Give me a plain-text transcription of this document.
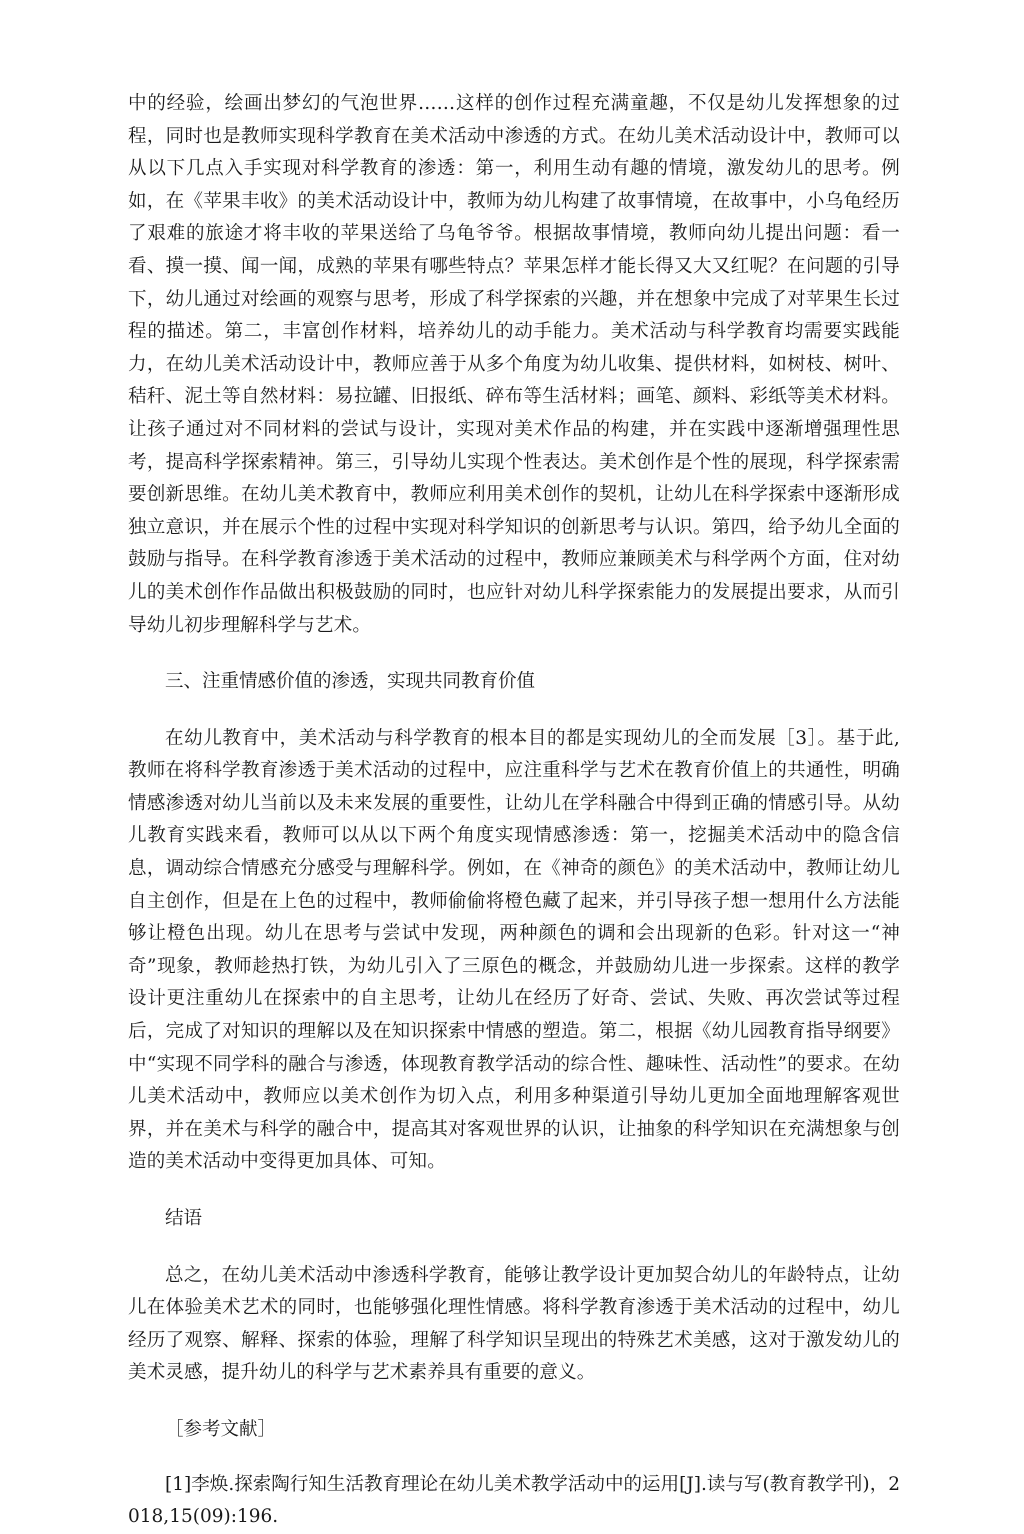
中的经验，绘画出梦幻的气泡世界……这样的创作过程充满童趣，不仅是幼儿发挥想象的过程，同时也是教师实现科学教育在美术活动中渗透的方式。在幼儿美术活动设计中，教师可以从以下几点入手实现对科学教育的渗透：第一，利用生动有趣的情境，激发幼儿的思考。例如，在《苹果丰收》的美术活动设计中，教师为幼儿构建了故事情境，在故事中，小乌龟经历了艰难的旅途才将丰收的苹果送给了乌龟爷爷。根据故事情境，教师向幼儿提出问题：看一看、摸一摸、闻一闻，成熟的苹果有哪些特点？苹果怎样才能长得又大又红呢？在问题的引导下，幼儿通过对绘画的观察与思考，形成了科学探索的兴趣，并在想象中完成了对苹果生长过程的描述。第二，丰富创作材料，培养幼儿的动手能力。美术活动与科学教育均需要实践能力，在幼儿美术活动设计中，教师应善于从多个角度为幼儿收集、提供材料，如树枝、树叶、秸秆、泥土等自然材料：易拉罐、旧报纸、碎布等生活材料；画笔、颜料、彩纸等美术材料。让孩子通过对不同材料的尝试与设计，实现对美术作品的构建，并在实践中逐渐增强理性思考，提高科学探索精神。第三，引导幼儿实现个性表达。美术创作是个性的展现，科学探索需要创新思维。在幼儿美术教育中，教师应利用美术创作的契机，让幼儿在科学探索中逐渐形成独立意识，并在展示个性的过程中实现对科学知识的创新思考与认识。第四，给予幼儿全面的鼓励与指导。在科学教育渗透于美术活动的过程中，教师应兼顾美术与科学两个方面，住对幼儿的美术创作作品做出积极鼓励的同时，也应针对幼儿科学探索能力的发展提出要求，从而引导幼儿初步理解科学与艺术。

三、注重情感价值的渗透，实现共同教育价值

在幼儿教育中，美术活动与科学教育的根本目的都是实现幼儿的全而发展［3］。基于此,教师在将科学教育渗透于美术活动的过程中，应注重科学与艺术在教育价值上的共通性，明确情感渗透对幼儿当前以及未来发展的重要性，让幼儿在学科融合中得到正确的情感引导。从幼儿教育实践来看，教师可以从以下两个角度实现情感渗透：第一，挖掘美术活动中的隐含信息，调动综合情感充分感受与理解科学。例如，在《神奇的颜色》的美术活动中，教师让幼儿自主创作，但是在上色的过程中，教师偷偷将橙色藏了起来，并引导孩子想一想用什么方法能够让橙色出现。幼儿在思考与尝试中发现，两种颜色的调和会出现新的色彩。针对这一“神奇”现象，教师趁热打铁，为幼儿引入了三原色的概念，并鼓励幼儿进一步探索。这样的教学设计更注重幼儿在探索中的自主思考，让幼儿在经历了好奇、尝试、失败、再次尝试等过程后，完成了对知识的理解以及在知识探索中情感的塑造。第二，根据《幼儿园教育指导纲要》中“实现不同学科的融合与渗透，体现教育教学活动的综合性、趣味性、活动性”的要求。在幼儿美术活动中，教师应以美术创作为切入点，利用多种渠道引导幼儿更加全面地理解客观世界，并在美术与科学的融合中，提高其对客观世界的认识，让抽象的科学知识在充满想象与创造的美术活动中变得更加具体、可知。

结语

总之，在幼儿美术活动中渗透科学教育，能够让教学设计更加契合幼儿的年龄特点，让幼儿在体验美术艺术的同时，也能够强化理性情感。将科学教育渗透于美术活动的过程中，幼儿经历了观察、解释、探索的体验，理解了科学知识呈现出的特殊艺术美感，这对于激发幼儿的美术灵感，提升幼儿的科学与艺术素养具有重要的意义。

［参考文献］

[1]李焕.探索陶行知生活教育理论在幼儿美术教学活动中的运用[J].读与写(教育教学刊)，2018,15(09):196.
